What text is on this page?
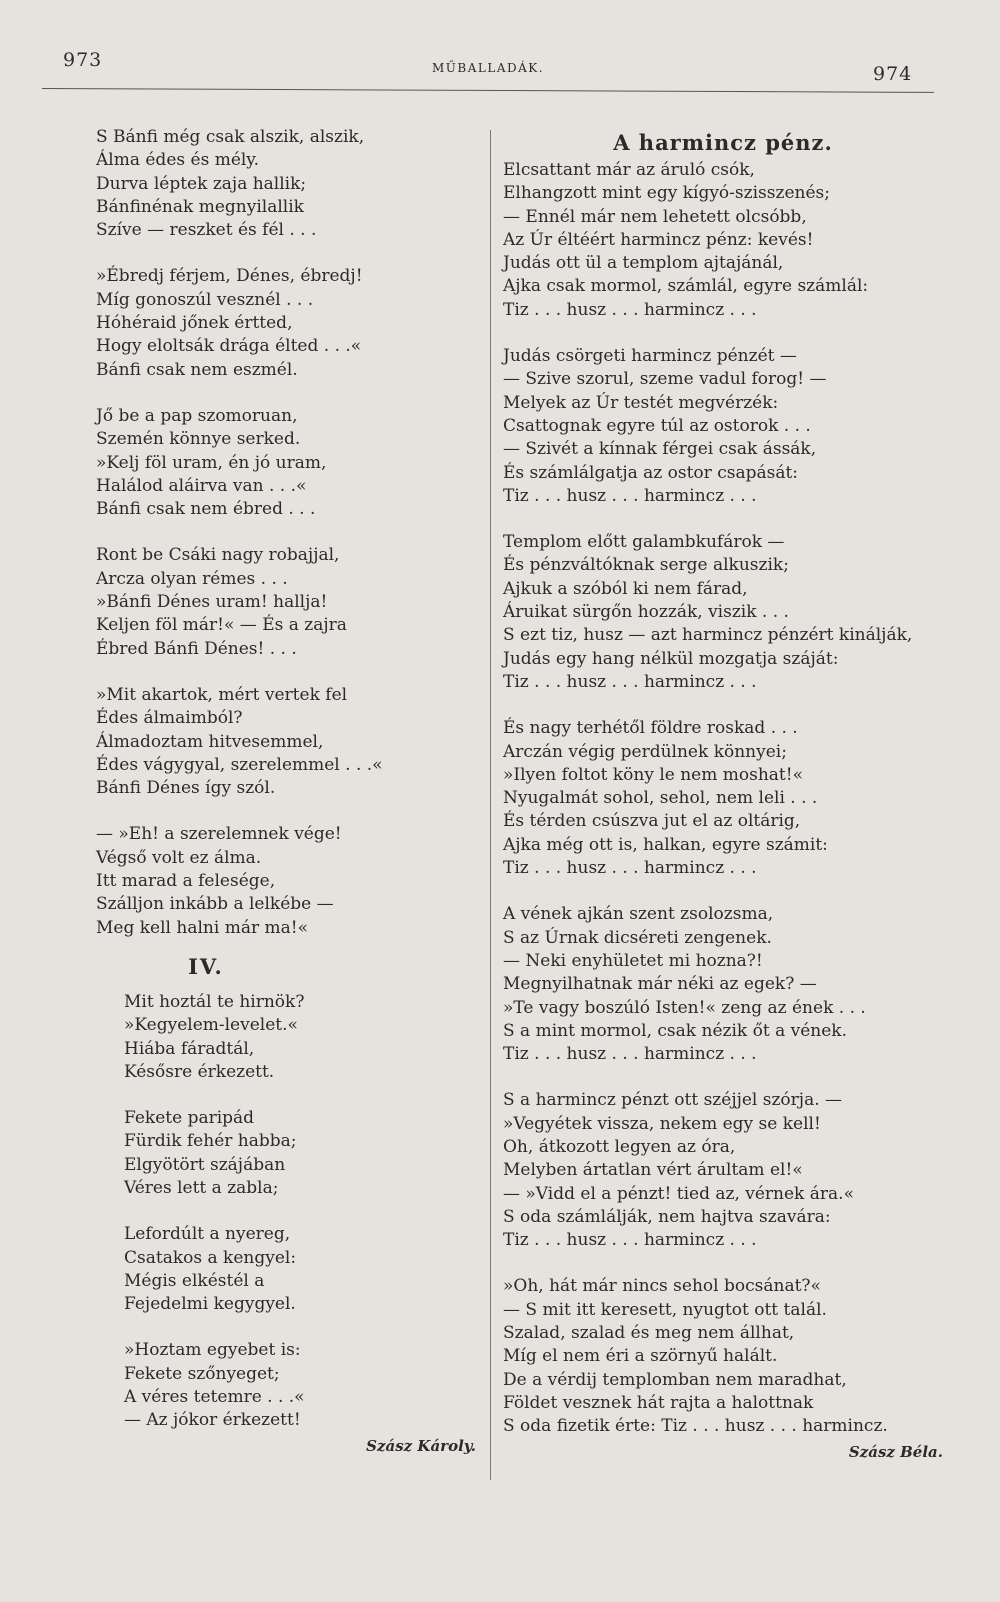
973	MŰBALLADÁK.	974
S Bánfi még csak alszik, alszik,
Álma édes és mély.
Durva léptek zaja hallik;
Bánfinénak megnyilallik
Szíve — reszket és fél . . .
»Ébredj férjem, Dénes, ébredj!
Míg gonoszúl vesznél . . .
Hóhéraid jőnek értted,
Hogy eloltsák drága élted . . .«
Bánfi csak nem eszmél.
Jő be a pap szomoruan,
Szemén könnye serked.
»Kelj föl uram, én jó uram,
Halálod aláirva van . . .«
Bánfi csak nem ébred . . .
Ront be Csáki nagy robajjal,
Arcza olyan rémes . . .
»Bánfi Dénes uram! hallja!
Keljen föl már!« — És a zajra
Ébred Bánfi Dénes! . . .
»Mit akartok, mért vertek fel
Édes álmaimból?
Álmadoztam hitvesemmel,
Édes vágygyal, szerelemmel . . .«
Bánfi Dénes így szól.
— »Eh! a szerelemnek vége!
Végső volt ez álma.
Itt marad a felesége,
Szálljon inkább a lelkébe —
Meg kell halni már ma!«
IV.
Mit hoztál te hirnök?
»Kegyelem-levelet.«
Hiába fáradtál,
Késősre érkezett.
Fekete paripád
Fürdik fehér habba;
Elgyötört szájában
Véres lett a zabla;
Lefordúlt a nyereg,
Csatakos a kengyel:
Mégis elkéstél a
Fejedelmi kegygyel.
»Hoztam egyebet is:
Fekete szőnyeget;
A véres tetemre . . .«
— Az jókor érkezett!
Szász Károly.
A harmincz pénz.
Elcsattant már az áruló csók,
Elhangzott mint egy kígyó-szisszenés;
— Ennél már nem lehetett olcsóbb,
Az Úr éltéért harmincz pénz: kevés!
Judás ott ül a templom ajtajánál,
Ajka csak mormol, számlál, egyre számlál:
Tiz . . . husz . . . harmincz . . .
Judás csörgeti harmincz pénzét —
— Szive szorul, szeme vadul forog! —
Melyek az Úr testét megvérzék:
Csattognak egyre túl az ostorok . . .
— Szivét a kínnak férgei csak ássák,
És számlálgatja az ostor csapását:
Tiz . . . husz . . . harmincz . . .
Templom előtt galambkufárok —
És pénzváltóknak serge alkuszik;
Ajkuk a szóból ki nem fárad,
Áruikat sürgőn hozzák, viszik . . .
S ezt tiz, husz — azt harmincz pénzért kinálják,
Judás egy hang nélkül mozgatja száját:
Tiz . . . husz . . . harmincz . . .
És nagy terhétől földre roskad . . .
Arczán végig perdülnek könnyei;
»Ilyen foltot köny le nem moshat!«
Nyugalmát sohol, sehol, nem leli . . .
És térden csúszva jut el az oltárig,
Ajka még ott is, halkan, egyre számit:
Tiz . . . husz . . . harmincz . . .
A vének ajkán szent zsolozsma,
S az Úrnak dicséreti zengenek.
— Neki enyhületet mi hozna?!
Megnyilhatnak már néki az egek? —
»Te vagy boszúló Isten!« zeng az ének . . .
S a mint mormol, csak nézik őt a vének.
Tiz . . . husz . . . harmincz . . .
S a harmincz pénzt ott széjjel szórja. —
»Vegyétek vissza, nekem egy se kell!
Oh, átkozott legyen az óra,
Melyben ártatlan vért árultam el!«
— »Vidd el a pénzt! tied az, vérnek ára.«
S oda számlálják, nem hajtva szavára:
Tiz . . . husz . . . harmincz . . .
»Oh, hát már nincs sehol bocsánat?«
— S mit itt keresett, nyugtot ott talál.
Szalad, szalad és meg nem állhat,
Míg el nem éri a szörnyű halált.
De a vérdij templomban nem maradhat,
Földet vesznek hát rajta a halottnak
S oda fizetik érte: Tiz . . . husz . . . harmincz.
Szász Béla.
